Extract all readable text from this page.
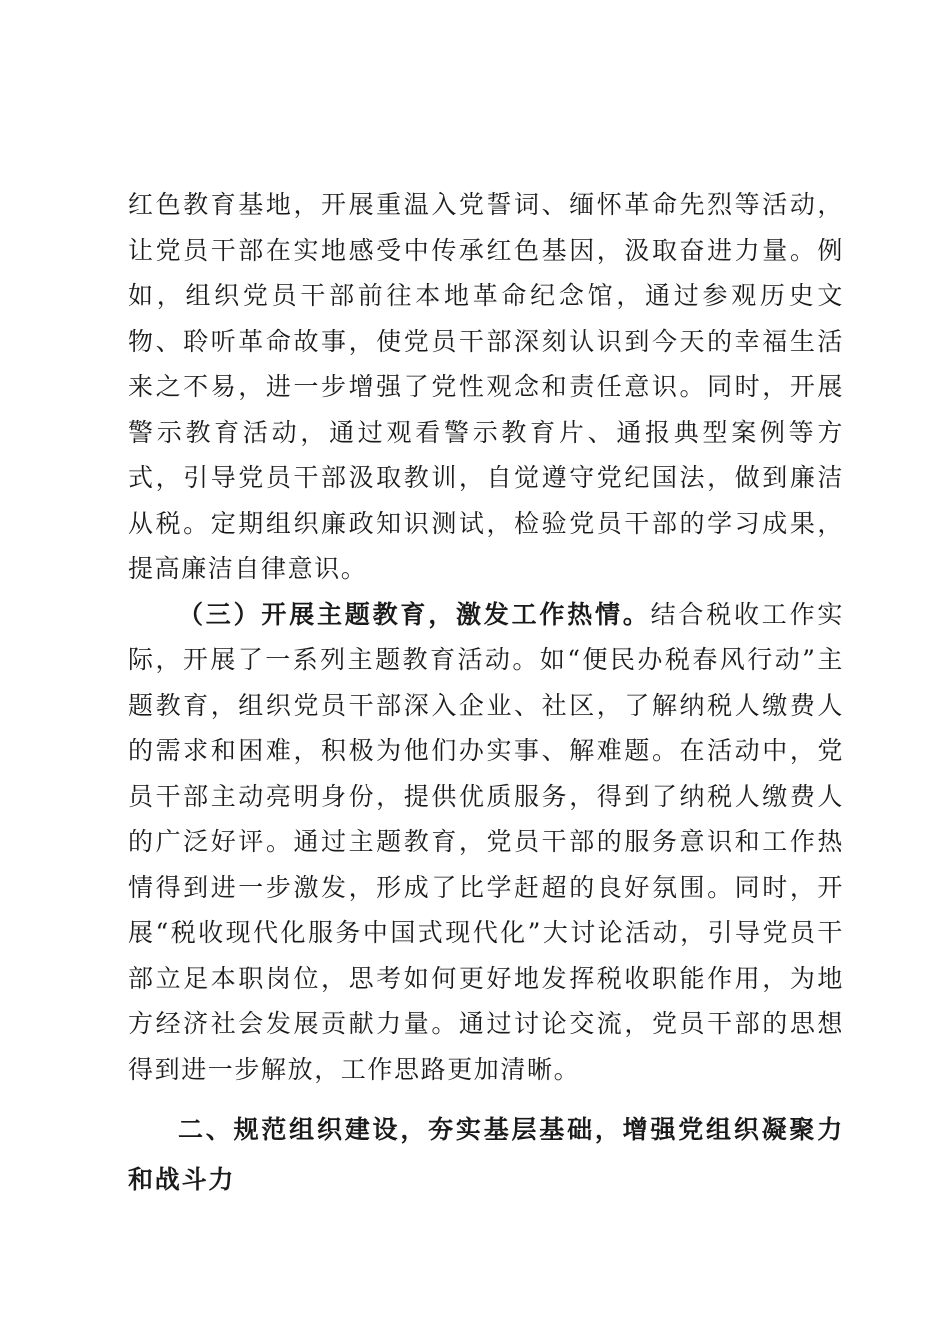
红色教育基地，开展重温入党誓词、缅怀革命先烈等活动，让党员干部在实地感受中传承红色基因，汲取奋进力量。例如，组织党员干部前往本地革命纪念馆，通过参观历史文物、聆听革命故事，使党员干部深刻认识到今天的幸福生活来之不易，进一步增强了党性观念和责任意识。同时，开展警示教育活动，通过观看警示教育片、通报典型案例等方式，引导党员干部汲取教训，自觉遵守党纪国法，做到廉洁从税。定期组织廉政知识测试，检验党员干部的学习成果，提高廉洁自律意识。

（三）开展主题教育，激发工作热情。结合税收工作实际，开展了一系列主题教育活动。如“便民办税春风行动”主题教育，组织党员干部深入企业、社区，了解纳税人缴费人的需求和困难，积极为他们办实事、解难题。在活动中，党员干部主动亮明身份，提供优质服务，得到了纳税人缴费人的广泛好评。通过主题教育，党员干部的服务意识和工作热情得到进一步激发，形成了比学赶超的良好氛围。同时，开展“税收现代化服务中国式现代化”大讨论活动，引导党员干部立足本职岗位，思考如何更好地发挥税收职能作用，为地方经济社会发展贡献力量。通过讨论交流，党员干部的思想得到进一步解放，工作思路更加清晰。

二、规范组织建设，夯实基层基础，增强党组织凝聚力和战斗力
